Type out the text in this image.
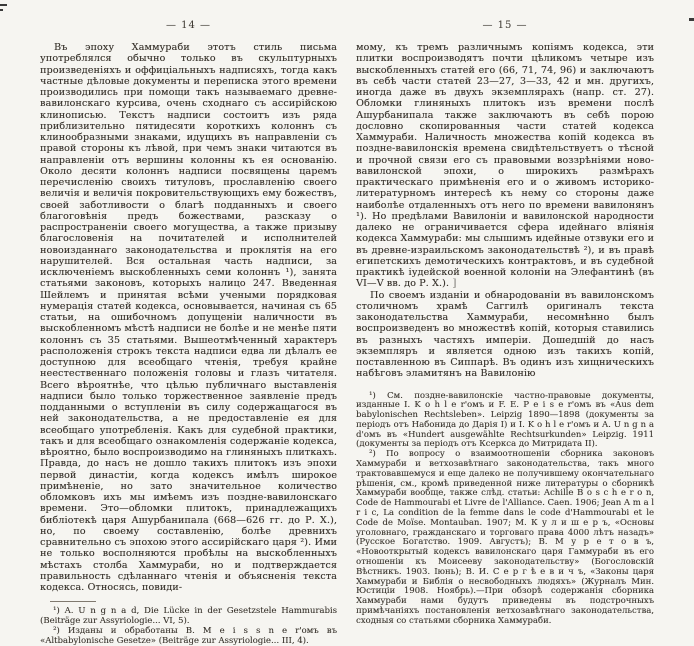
— 14 —

Въ эпоху Хаммураби этотъ стиль письма употреблялся обычно только въ скульптурныхъ произведеніяхъ и оффиціальныхъ надписяхъ, тогда какъ частные дѣловые документы и переписка этого времени производились при помощи такъ называемаго древне-вавилонскаго курсива, очень сходнаго съ ассирійскою клинописью. Текстъ надписи состоитъ изъ ряда приблизительно пятидесяти короткихъ колоннъ съ клинообразными знаками, идущихъ въ направленіи съ правой стороны къ лѣвой, при чемъ знаки читаются въ направленіи отъ вершины колонны къ ея основанію. Около десяти колоннъ надписи посвящены царемъ перечисленію своихъ титуловъ, прославленію своего величія и величія покровительствующихъ ему божествъ, своей заботливости о благѣ подданныхъ и своего благоговѣнія предъ божествами, разсказу о распространеніи своего могущества, а также призыву благословенія на почитателей и исполнителей новоизданнаго законодательства и проклятія на его нарушителей. Вся остальная часть надписи, за исключеніемъ выскобленныхъ семи колоннъ ¹), занята статьями законовъ, которыхъ налицо 247. Введенная Шейлемъ и принятая всѣми учеными порядковая нумерація статей кодекса, основывается, начиная съ 65 статьи, на ошибочномъ допущеніи наличности въ выскобленномъ мѣстѣ надписи не болѣе и не менѣе пяти колоннъ съ 35 статьями. Вышеотмѣченный характеръ расположенія строкъ текста надписи едва ли дѣлалъ ее доступною для всеобщаго чтенія, требуя крайне неестественнаго положенія головы и глазъ читателя. Всего вѣроятнѣе, что цѣлью публичнаго выставленія надписи было только торжественное заявленіе предъ подданными о вступленіи въ силу содержащагося въ ней законодательства, а не предоставленіе ея для всеобщаго употребленія. Какъ для судебной практики, такъ и для всеобщаго ознакомленія содержаніе кодекса, вѣроятно, было воспроизводимо на глиняныхъ плиткахъ. Правда, до насъ не дошло такихъ плитокъ изъ эпохи первой династіи, когда кодексъ имѣлъ широкое примѣненіе, но зато значительное количество обломковъ ихъ мы имѣемъ изъ поздне-вавилонскаго времени. Это—обломки плитокъ, принадлежащихъ библіотекѣ царя Ашурбанипала (668—626 гг. до Р. Х.), но, по своему составленію, болѣе древнихъ сравнительно съ эпохою этого ассирійскаго царя ²). Ими не только восполняются пробѣлы на выскобленныхъ мѣстахъ столба Хаммураби, но и подтверждается правильность сдѣланнаго чтенія и объясненія текста кодекса. Относясь, повиди-

¹) A. U n g n a d, Die Lücke in der Gesetzstele Hammurabis (Beiträge zur Assyriologie... VI, 5).

²) Изданы и обработаны B. M e i s s n e r'омъ въ «Altbabylonische Gesetze» (Beiträge zur Assyriologie... III, 4).

— 15 —

мому, къ тремъ различнымъ копіямъ кодекса, эти плитки воспроизводятъ почти цѣликомъ четыре изъ выскобленныхъ статей его (66, 71, 74, 96) и заключаютъ въ себѣ части статей 23—27, 3—33, 42 и мн. другихъ, иногда даже въ двухъ экземплярахъ (напр. ст. 27). Обломки глиняныхъ плитокъ изъ времени послѣ Ашурбанипала также заключаютъ въ себѣ порою дословно скопированныя части статей кодекса Хаммураби. Наличность множества копій кодекса въ поздне-вавилонскія времена свидѣтельствуетъ о тѣсной и прочной связи его съ правовыми воззрѣніями ново-вавилонской эпохи, о широкихъ размѣрахъ практическаго примѣненія его и о живомъ историко-литературномъ интересѣ къ нему со стороны даже наиболѣе отдаленныхъ отъ него по времени вавилонянъ ¹). Но предѣлами Вавилоніи и вавилонской народности далеко не ограничивается сфера идейнаго вліянія кодекса Хаммураби: мы слышимъ идейные отзвуки его и въ древне-израильскомъ законодательствѣ ²), и въ правѣ египетскихъ демотическихъ контрактовъ, и въ судебной практикѣ іудейской военной колоніи на Элефантинѣ (въ VI—V вв. до Р. Х.). ]

По своемъ изданіи и обнародованіи въ вавилонскомъ столичномъ храмѣ Саггилѣ оригиналъ текста законодательства Хаммураби, несомнѣнно былъ воспроизведенъ во множествѣ копій, которыя ставились въ разныхъ частяхъ имперіи. Дошедшій до насъ экземпляръ и является одною изъ такихъ копій, поставленною въ Сиппарѣ. Въ одинъ изъ хищническихъ набѣговъ эламитянъ на Вавилонію

¹) См. поздне-вавилонскіе частно-правовые документы, изданные I. K o h l e r'омъ и F. E. P e i s e r'омъ въ «Aus dem babylonischen Rechtsleben». Leipzig 1890—1898 (документы за періодъ отъ Набонида до Дарія I) и I. K o h l e r'омъ и A. U n g n a d'омъ въ «Hundert ausgewählte Rechtsurkunden» Leipzig. 1911 (документы за періодъ отъ Ксеркса до Митридата II).

²) По вопросу о взаимоотношеніи сборника законовъ Хаммураби и ветхозавѣтнаго законодательства, такъ много трактовавшемуся и еще далеко не получившему окончательнаго рѣшенія, см., кромѣ приведенной ниже литературы о сборникѣ Хаммураби вообще, также слѣд. статьи: Achille B o s c h e r o n, Code de Hammourabi et Livre de l'Alliance. Caen. 1906; Jean A m a l r i c, La condition de la femme dans le code d'Hammourabi et le Code de Moïse. Montauban. 1907; М. К у л и ш е р ъ, «Основы уголовнаго, гражданскаго и торговаго права 4000 лѣтъ назадъ» (Русское Богатство. 1909. Августъ); В. М у р е т о в ъ, «Новооткрытый кодексъ вавилонскаго царя Гаммураби въ его отношеніи къ Моисееву законодательству» (Богословскій Вѣстникъ. 1903. Іюнь); В. И. С е р г ѣ е в и ч ъ, «Законы царя Хаммураби и Библія о несвободныхъ людяхъ» (Журналъ Мин. Юстиціи 1908. Ноябрь).—При обзорѣ содержанія сборника Хаммураби нами будутъ приведены въ подстрочныхъ примѣчаніяхъ постановленія ветхозавѣтнаго законодательства, сходныя со статьями сборника Хаммураби.
